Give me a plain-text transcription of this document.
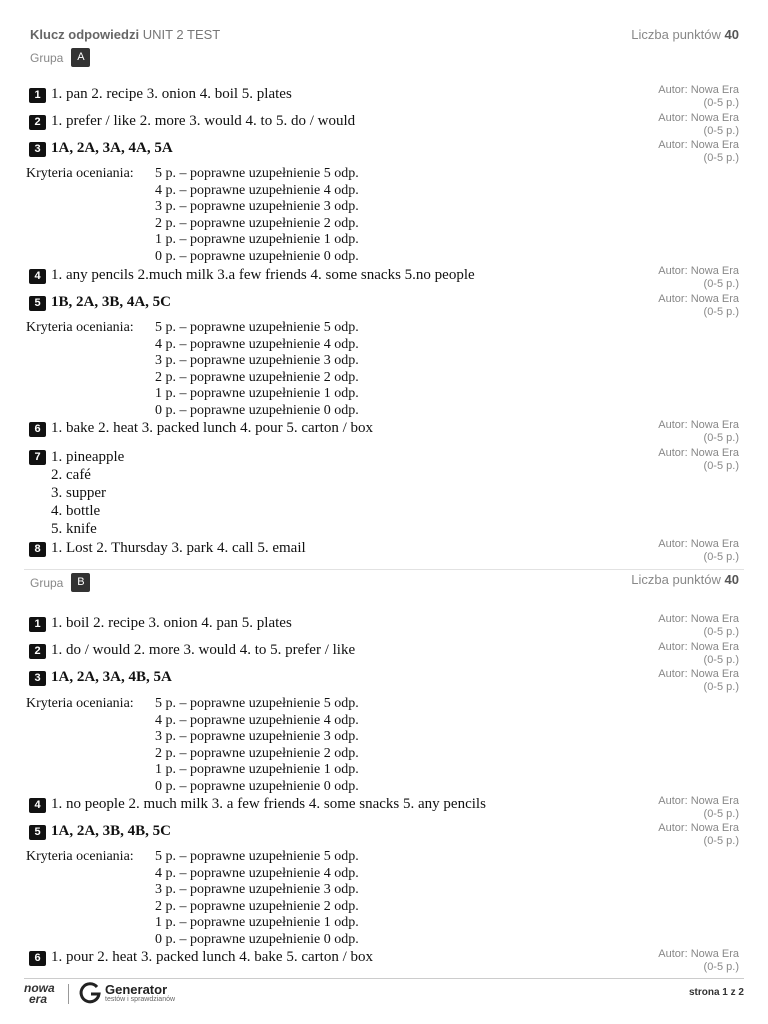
Klucz odpowiedzi UNIT 2 TEST	Liczba punktów 40
Grupa	A
1 1. pan 2. recipe 3. onion 4. boil 5. plates	Autor: Nowa Era
(0-5 p.)
2 1. prefer / like 2. more 3. would 4. to 5. do / would	Autor: Nowa Era
(0-5 p.)
3 1A, 2A, 3A, 4A, 5A	Autor: Nowa Era
(0-5 p.)
Kryteria oceniania: 5 p. – poprawne uzupełnienie 5 odp.
4 p. – poprawne uzupełnienie 4 odp.
3 p. – poprawne uzupełnienie 3 odp.
2 p. – poprawne uzupełnienie 2 odp.
1 p. – poprawne uzupełnienie 1 odp.
0 p. – poprawne uzupełnienie 0 odp.
4 1. any pencils 2.much milk 3.a few friends 4. some snacks 5.no people	Autor: Nowa Era
(0-5 p.)
5 1B, 2A, 3B, 4A, 5C	Autor: Nowa Era
(0-5 p.)
Kryteria oceniania: 5 p. – poprawne uzupełnienie 5 odp.
4 p. – poprawne uzupełnienie 4 odp.
3 p. – poprawne uzupełnienie 3 odp.
2 p. – poprawne uzupełnienie 2 odp.
1 p. – poprawne uzupełnienie 1 odp.
0 p. – poprawne uzupełnienie 0 odp.
6 1. bake 2. heat 3. packed lunch 4. pour 5. carton / box	Autor: Nowa Era
(0-5 p.)
7 1. pineapple
2. café
3. supper
4. bottle
5. knife
Autor: Nowa Era
(0-5 p.)
8 1. Lost 2. Thursday 3. park 4. call 5. email	Autor: Nowa Era
(0-5 p.)
Grupa	B	Liczba punktów 40
1 1. boil 2. recipe 3. onion 4. pan 5. plates	Autor: Nowa Era
(0-5 p.)
2 1. do / would 2. more 3. would 4. to 5. prefer / like	Autor: Nowa Era
(0-5 p.)
3 1A, 2A, 3A, 4B, 5A	Autor: Nowa Era
(0-5 p.)
Kryteria oceniania: 5 p. – poprawne uzupełnienie 5 odp.
4 p. – poprawne uzupełnienie 4 odp.
3 p. – poprawne uzupełnienie 3 odp.
2 p. – poprawne uzupełnienie 2 odp.
1 p. – poprawne uzupełnienie 1 odp.
0 p. – poprawne uzupełnienie 0 odp.
4 1. no people 2. much milk 3. a few friends 4. some snacks 5. any pencils	Autor: Nowa Era
(0-5 p.)
5 1A, 2A, 3B, 4B, 5C	Autor: Nowa Era
(0-5 p.)
Kryteria oceniania: 5 p. – poprawne uzupełnienie 5 odp.
4 p. – poprawne uzupełnienie 4 odp.
3 p. – poprawne uzupełnienie 3 odp.
2 p. – poprawne uzupełnienie 2 odp.
1 p. – poprawne uzupełnienie 1 odp.
0 p. – poprawne uzupełnienie 0 odp.
6 1. pour 2. heat 3. packed lunch 4. bake 5. carton / box	Autor: Nowa Era
(0-5 p.)
nowa
era
Generator
testów i sprawdzianów
strona 1 z 2
